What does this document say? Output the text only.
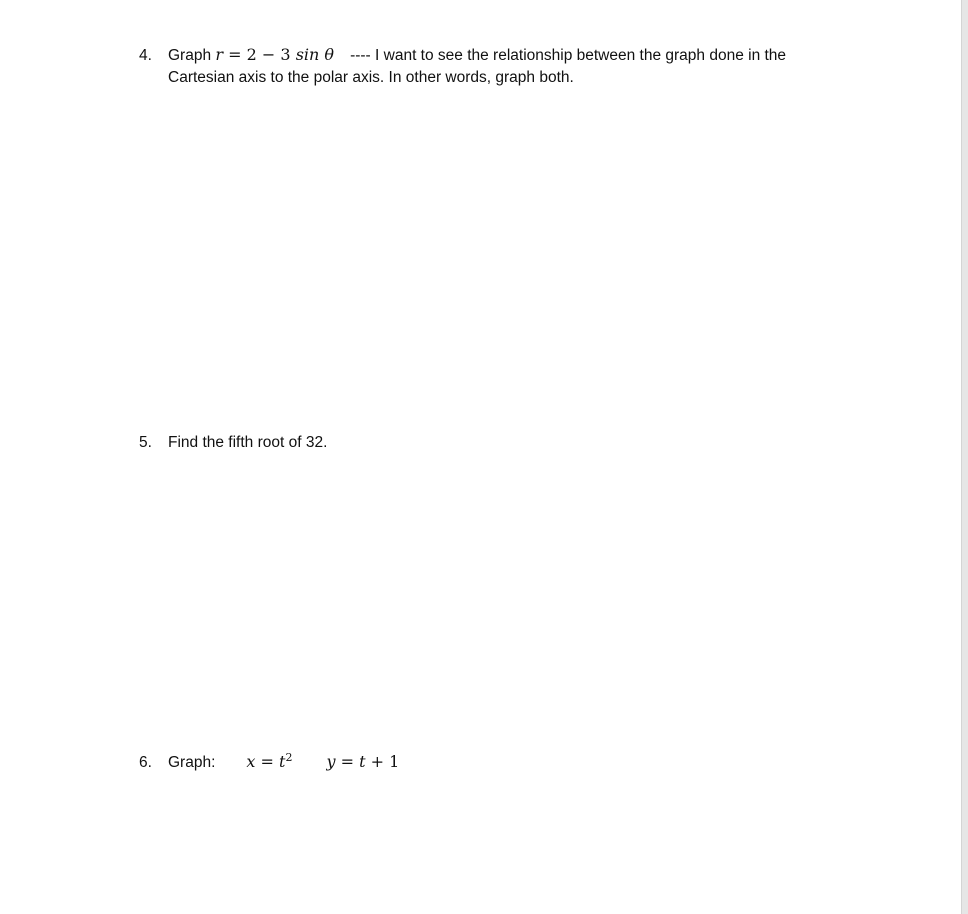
4.	Graph
r = 2 − 3 sin θ ---- I want to see the relationship between the graph done in the
Cartesian axis to the polar axis. In other words, graph both.
5.	Find the fifth root of 32.
6.	Graph: $x = t^2$ y = t + 1
